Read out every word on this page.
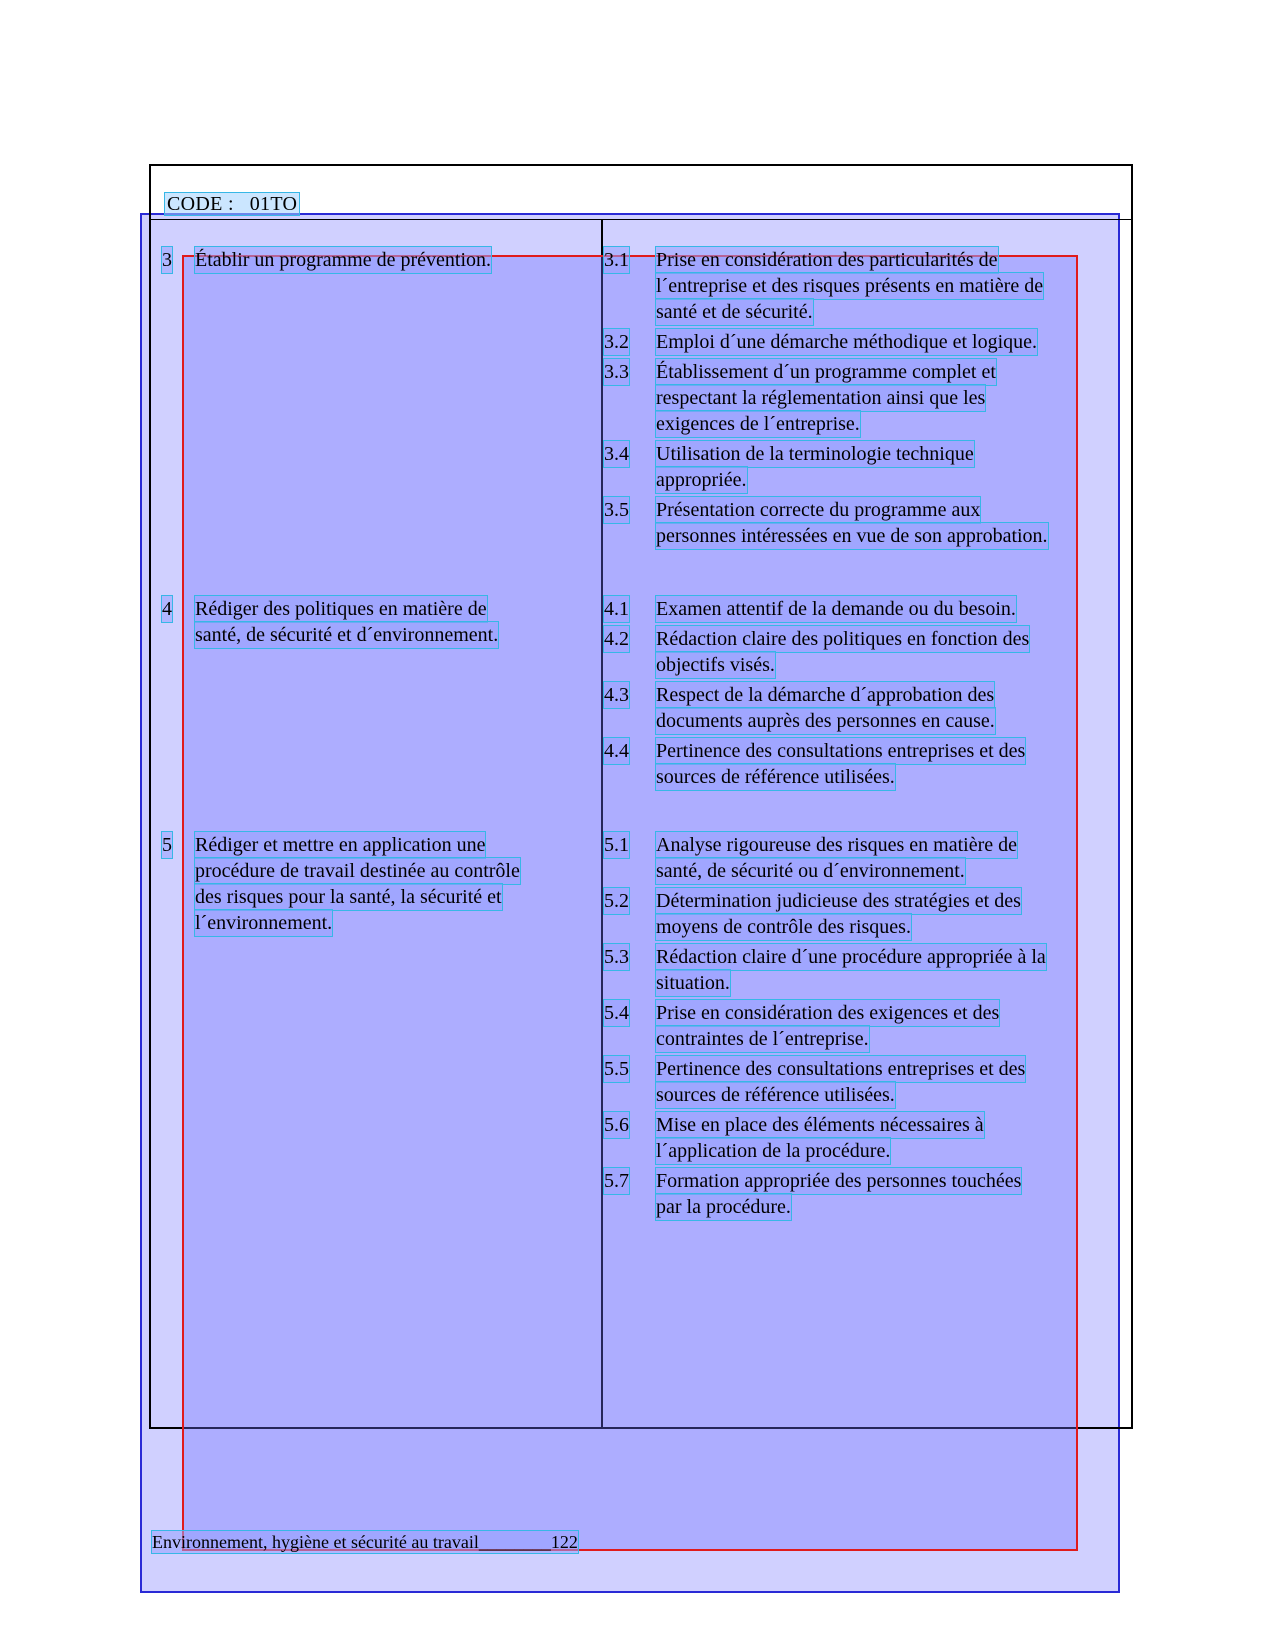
CODE : 01TO
3 Établir un programme de prévention.
4 Rédiger des politiques en matière de
santé, de sécurité et d´environnement.
5 Rédiger et mettre en application une
procédure de travail destinée au contrôle
des risques pour la santé, la sécurité et
l´environnement.
3.1 Prise en considération des particularités de
l´entreprise et des risques présents en matière de
santé et de sécurité.
3.2 Emploi d´une démarche méthodique et logique.
3.3 Établissement d´un programme complet et
respectant la réglementation ainsi que les
exigences de l´entreprise.
3.4 Utilisation de la terminologie technique
appropriée.
3.5 Présentation correcte du programme aux
personnes intéressées en vue de son approbation.
4.1 Examen attentif de la demande ou du besoin.
4.2 Rédaction claire des politiques en fonction des
objectifs visés.
4.3 Respect de la démarche d´approbation des
documents auprès des personnes en cause.
4.4 Pertinence des consultations entreprises et des
sources de référence utilisées.
5.1 Analyse rigoureuse des risques en matière de
santé, de sécurité ou d´environnement.
5.2 Détermination judicieuse des stratégies et des
moyens de contrôle des risques.
5.3 Rédaction claire d´une procédure appropriée à la
situation.
5.4 Prise en considération des exigences et des
contraintes de l´entreprise.
5.5 Pertinence des consultations entreprises et des
sources de référence utilisées.
5.6 Mise en place des éléments nécessaires à
l´application de la procédure.
5.7 Formation appropriée des personnes touchées
par la procédure.
Environnement, hygiène et sécurité au travail________122
